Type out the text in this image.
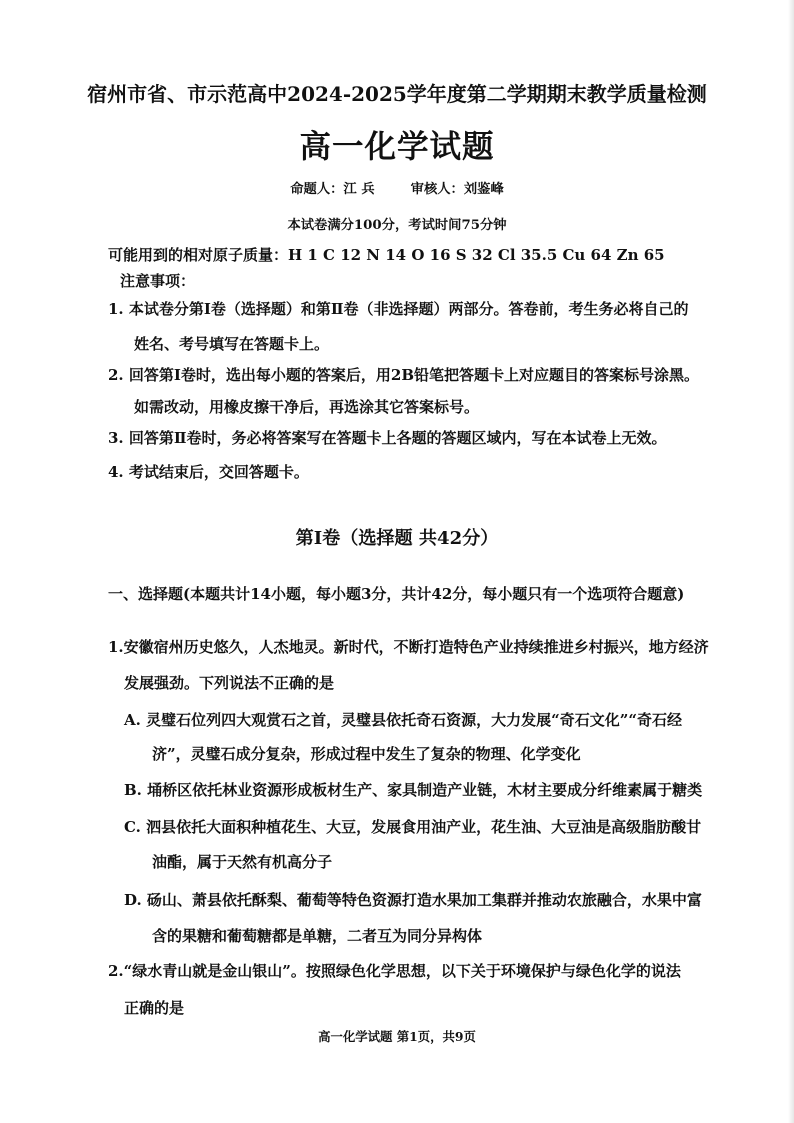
宿州市省、市示范高中2024-2025学年度第二学期期末教学质量检测
高一化学试题
命题人：江 兵	审核人：刘鉴峰
本试卷满分100分，考试时间75分钟
可能用到的相对原子质量：H 1 C 12 N 14 O 16 S 32 Cl 35.5 Cu 64 Zn 65
注意事项：
1. 本试卷分第Ⅰ卷（选择题）和第Ⅱ卷（非选择题）两部分。答卷前，考生务必将自己的
姓名、考号填写在答题卡上。
2. 回答第Ⅰ卷时，选出每小题的答案后，用2B铅笔把答题卡上对应题目的答案标号涂黑。
如需改动，用橡皮擦干净后，再选涂其它答案标号。
3. 回答第Ⅱ卷时，务必将答案写在答题卡上各题的答题区域内，写在本试卷上无效。
4. 考试结束后，交回答题卡。
第Ⅰ卷（选择题 共42分）
一、选择题(本题共计14小题，每小题3分，共计42分，每小题只有一个选项符合题意)
1.安徽宿州历史悠久，人杰地灵。新时代，不断打造特色产业持续推进乡村振兴，地方经济
发展强劲。下列说法不正确的是
A. 灵璧石位列四大观赏石之首，灵璧县依托奇石资源，大力发展“奇石文化”“奇石经
济”，灵璧石成分复杂，形成过程中发生了复杂的物理、化学变化
B. 埇桥区依托林业资源形成板材生产、家具制造产业链，木材主要成分纤维素属于糖类
C. 泗县依托大面积种植花生、大豆，发展食用油产业，花生油、大豆油是高级脂肪酸甘
油酯，属于天然有机高分子
D. 砀山、萧县依托酥梨、葡萄等特色资源打造水果加工集群并推动农旅融合，水果中富
含的果糖和葡萄糖都是单糖，二者互为同分异构体
2.“绿水青山就是金山银山”。按照绿色化学思想，以下关于环境保护与绿色化学的说法
正确的是
高一化学试题 第1页，共9页
